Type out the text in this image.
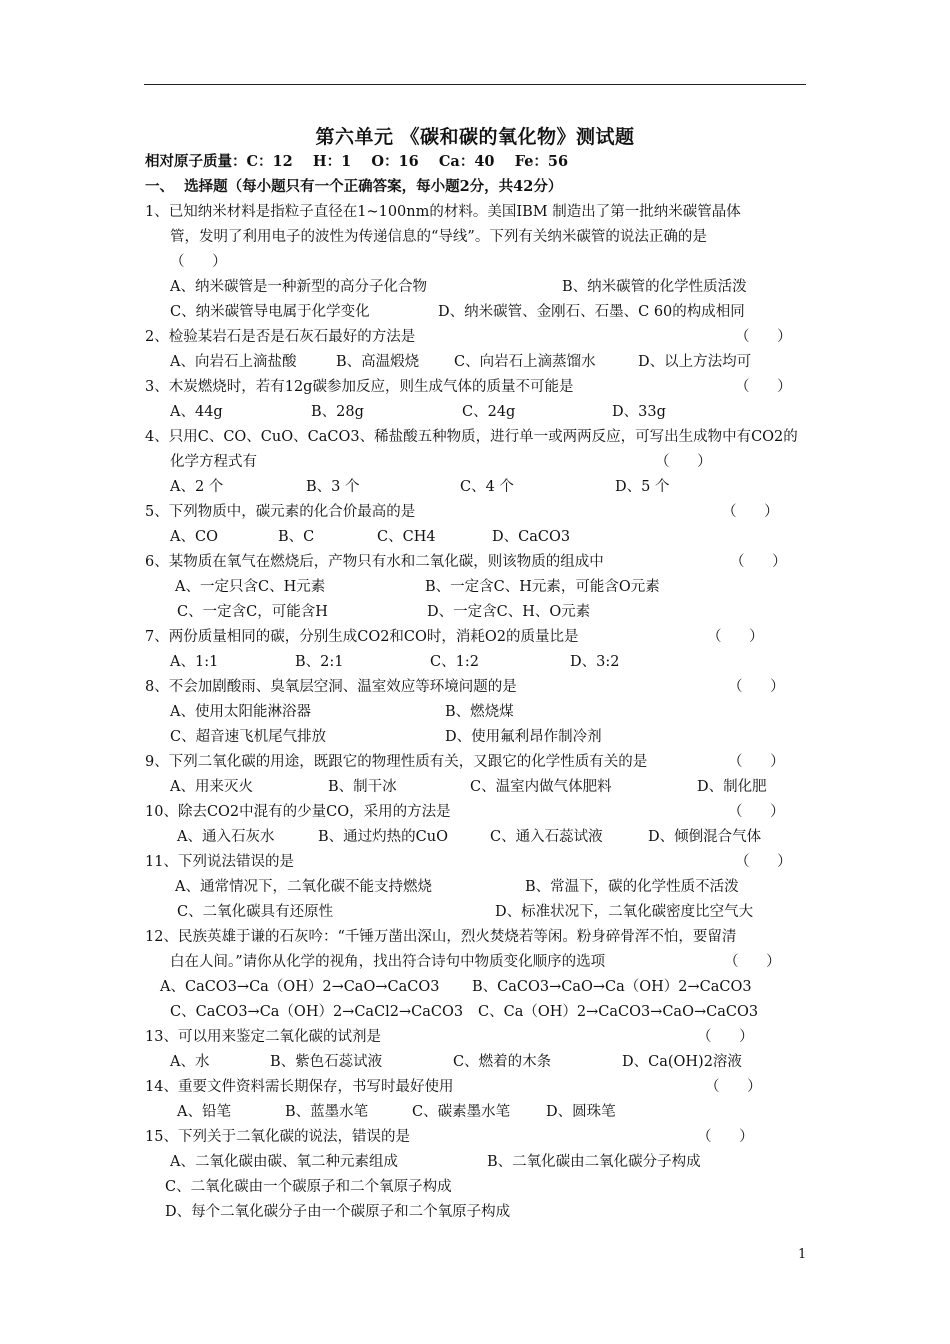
第六单元 《碳和碳的氧化物》测试题
相对原子质量：C：12    H：1    O：16    Ca：40    Fe：56
一、  选择题（每小题只有一个正确答案，每小题2分，共42分）
1、已知纳米材料是指粒子直径在1~100nm的材料。美国IBM 制造出了第一批纳米碳管晶体
管，发明了利用电子的波性为传递信息的“导线”。下列有关纳米碳管的说法正确的是
（      ）
A、纳米碳管是一种新型的高分子化合物	B、纳米碳管的化学性质活泼
C、纳米碳管导电属于化学变化	D、纳米碳管、金刚石、石墨、C 60的构成相同
2、检验某岩石是否是石灰石最好的方法是	（      ）
A、向岩石上滴盐酸	B、高温煅烧 C、向岩石上滴蒸馏水	D、以上方法均可
3、木炭燃烧时，若有12g碳参加反应，则生成气体的质量不可能是	（      ）
A、44g	B、28g	C、24g	D、33g
4、只用C、CO、CuO、CaCO3、稀盐酸五种物质，进行单一或两两反应，可写出生成物中有CO2的
化学方程式有	（      ）
A、2 个	B、3 个	C、4 个	D、5 个
5、下列物质中，碳元素的化合价最高的是	（      ）
A、CO	B、C	C、CH4	D、CaCO3
6、某物质在氧气在燃烧后，产物只有水和二氧化碳，则该物质的组成中	（      ）
A、一定只含C、H元素	B、一定含C、H元素，可能含O元素
C、一定含C，可能含H	D、一定含C、H、O元素
7、两份质量相同的碳，分别生成CO2和CO时，消耗O2的质量比是	（      ）
A、1:1	B、2:1	C、1:2	D、3:2
8、不会加剧酸雨、臭氧层空洞、温室效应等环境问题的是	（      ）
A、使用太阳能淋浴器	B、燃烧煤
C、超音速飞机尾气排放	D、使用氟利昂作制冷剂
9、下列二氧化碳的用途，既跟它的物理性质有关，又跟它的化学性质有关的是	（      ）
A、用来灭火	B、制干冰	C、温室内做气体肥料	D、制化肥
10、除去CO2中混有的少量CO，采用的方法是	（      ）
A、通入石灰水	B、通过灼热的CuO	C、通入石蕊试液	D、倾倒混合气体
11、下列说法错误的是	（      ）
A、通常情况下，二氧化碳不能支持燃烧	B、常温下，碳的化学性质不活泼
C、二氧化碳具有还原性	D、标准状况下，二氧化碳密度比空气大
12、民族英雄于谦的石灰吟：“千锤万凿出深山，烈火焚烧若等闲。粉身碎骨浑不怕，要留清
白在人间。”请你从化学的视角，找出符合诗句中物质变化顺序的选项	（      ）
A、CaCO3→Ca（OH）2→CaO→CaCO3 B、CaCO3→CaO→Ca（OH）2→CaCO3
C、CaCO3→Ca（OH）2→CaCl2→CaCO3 C、Ca（OH）2→CaCO3→CaO→CaCO3
13、可以用来鉴定二氧化碳的试剂是	（      ）
A、水	B、紫色石蕊试液	C、燃着的木条	D、Ca(OH)2溶液
14、重要文件资料需长期保存，书写时最好使用	（      ）
A、铅笔	B、蓝墨水笔	C、碳素墨水笔 D、圆珠笔
15、下列关于二氧化碳的说法，错误的是	（      ）
A、二氧化碳由碳、氧二种元素组成	B、二氧化碳由二氧化碳分子构成
C、二氧化碳由一个碳原子和二个氧原子构成
D、每个二氧化碳分子由一个碳原子和二个氧原子构成
1
